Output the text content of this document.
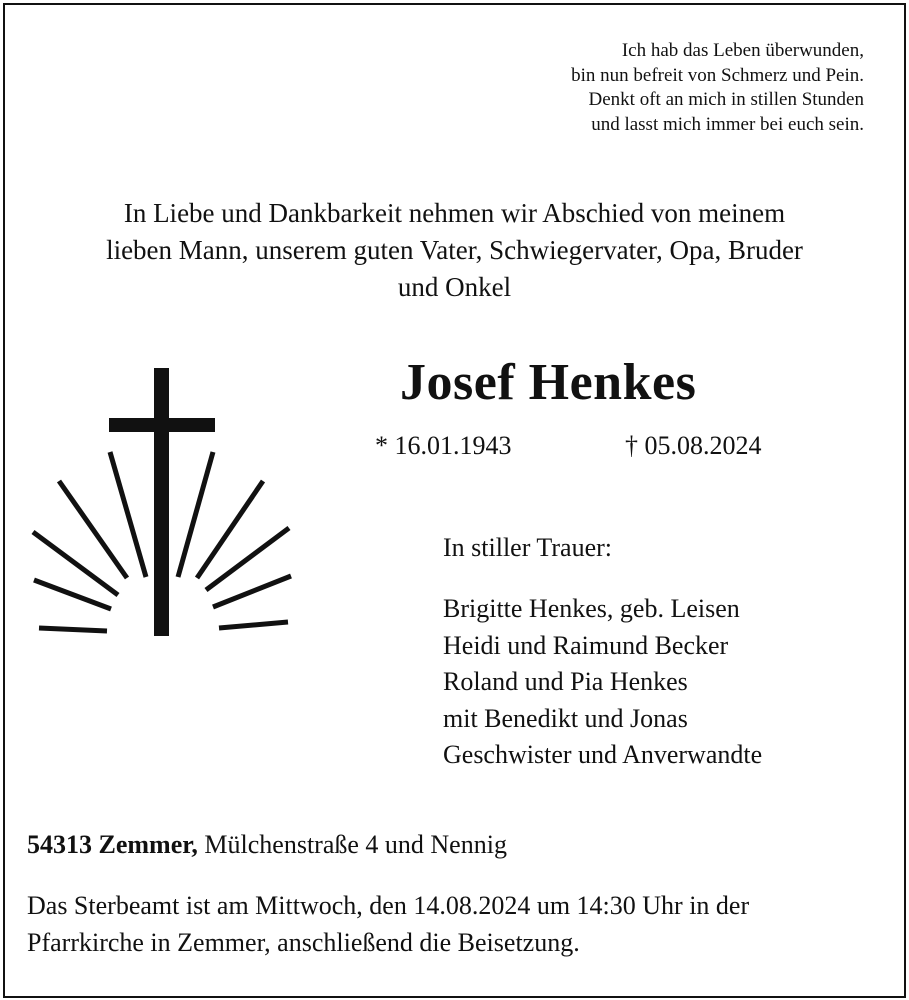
Ich hab das Leben überwunden,
bin nun befreit von Schmerz und Pein.
Denkt oft an mich in stillen Stunden
und lasst mich immer bei euch sein.
In Liebe und Dankbarkeit nehmen wir Abschied von meinem
lieben Mann, unserem guten Vater, Schwiegervater, Opa, Bruder
und Onkel
Josef Henkes
* 16.01.1943	† 05.08.2024
In stiller Trauer:
Brigitte Henkes, geb. Leisen
Heidi und Raimund Becker
Roland und Pia Henkes
mit Benedikt und Jonas
Geschwister und Anverwandte
54313 Zemmer, Mülchenstraße 4 und Nennig
Das Sterbeamt ist am Mittwoch, den 14.08.2024 um 14:30 Uhr in der
Pfarrkirche in Zemmer, anschließend die Beisetzung.
